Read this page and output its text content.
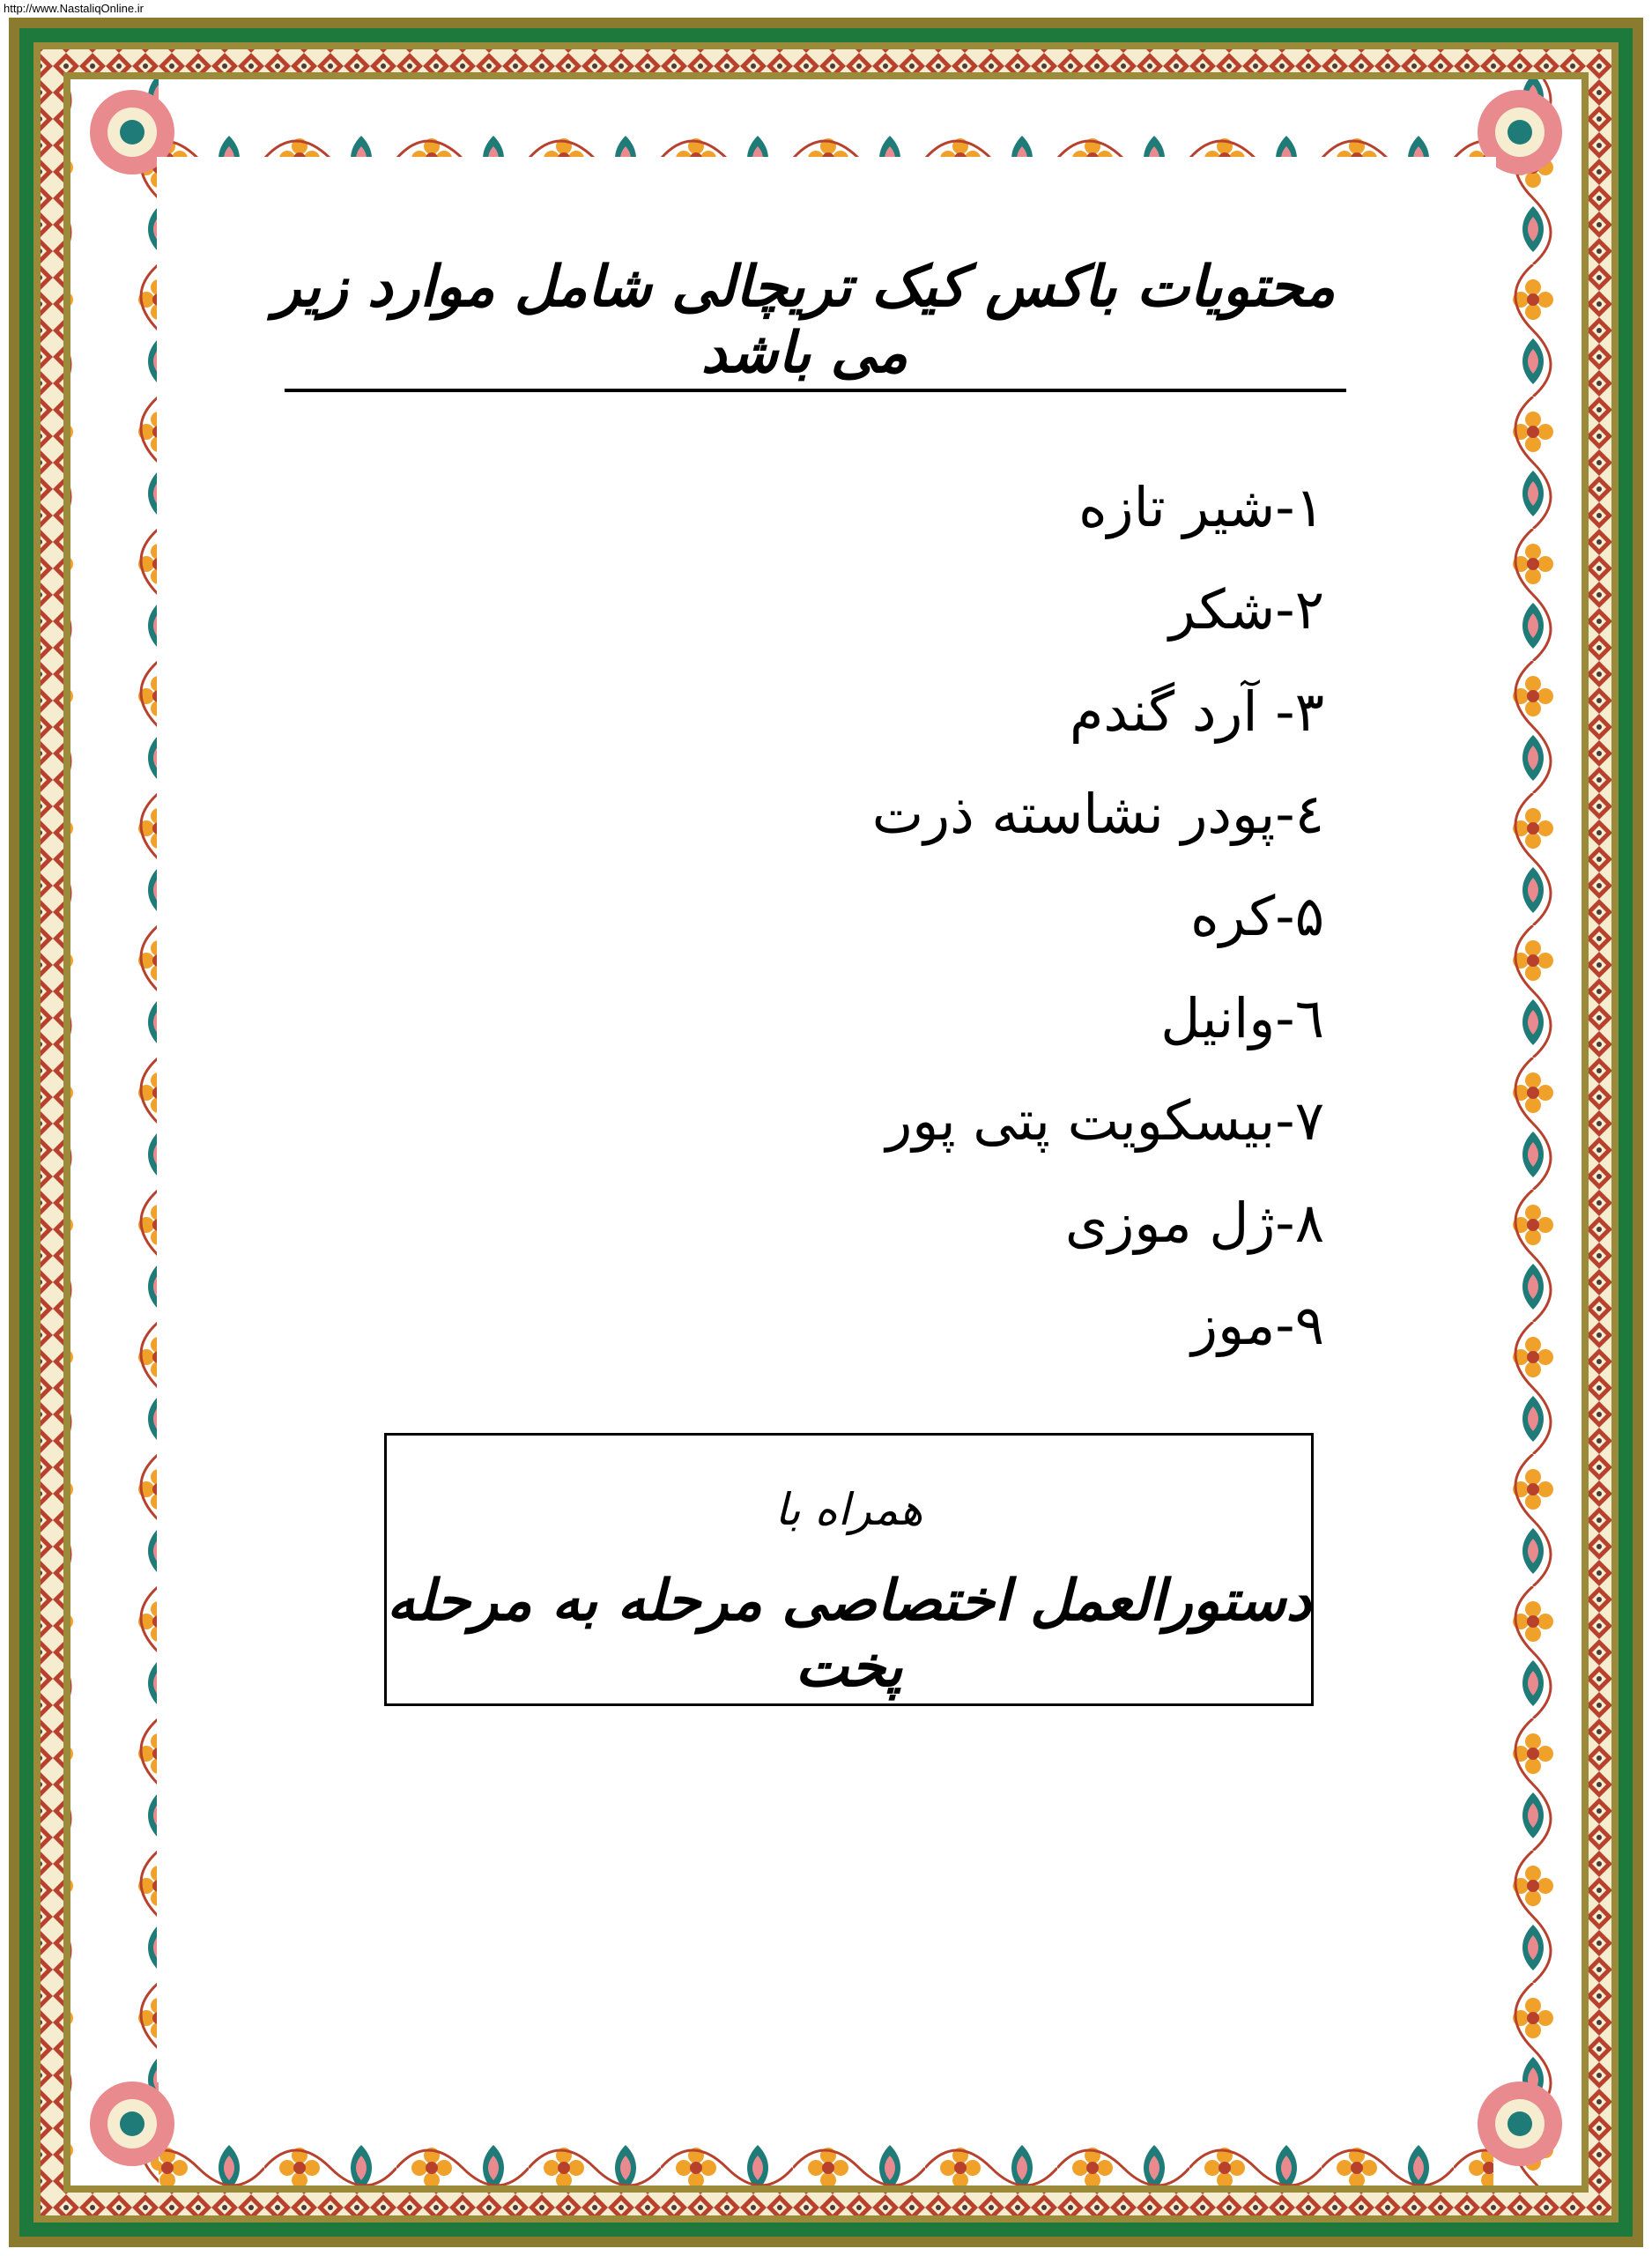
http://www.NastaliqOnline.ir
محتویات باکس کیک تریچالی شامل موارد زیر می باشد
۱-شیر تازه
۲-شکر
۳- آرد گندم
٤-پودر نشاسته ذرت
۵-کره
٦-وانیل
۷-بیسکویت پتی پور
۸-ژل موزی
۹-موز
همراه با
دستورالعمل اختصاصی مرحله به مرحله پخت
